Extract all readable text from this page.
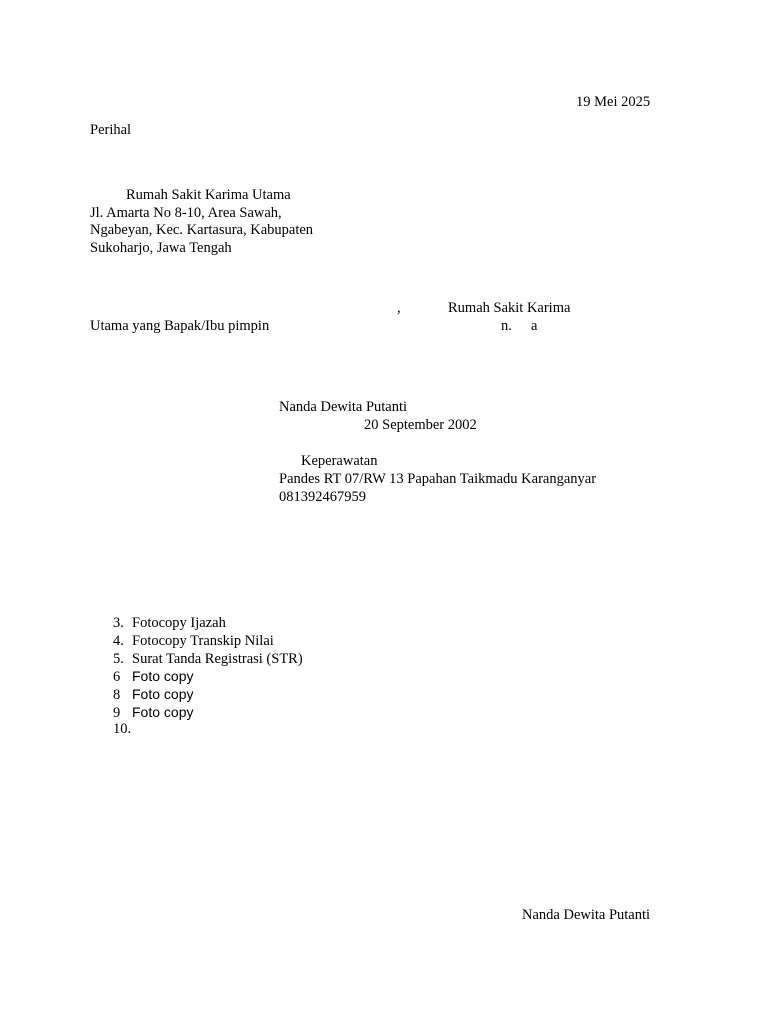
19 Mei 2025
Perihal
Rumah Sakit Karima Utama
Jl. Amarta No 8-10, Area Sawah,
Ngabeyan, Kec. Kartasura, Kabupaten
Sukoharjo, Jawa Tengah
,	Rumah Sakit Karima
Utama yang Bapak/Ibu pimpin	n. a
Nanda Dewita Putanti
20 September 2002
Keperawatan
Pandes RT 07/RW 13 Papahan Taikmadu Karanganyar
081392467959
3. Fotocopy Ijazah
4. Fotocopy Transkip Nilai
5. Surat Tanda Registrasi (STR)
6 Foto copy
8 Foto copy
9 Foto copy
10.
Nanda Dewita Putanti
